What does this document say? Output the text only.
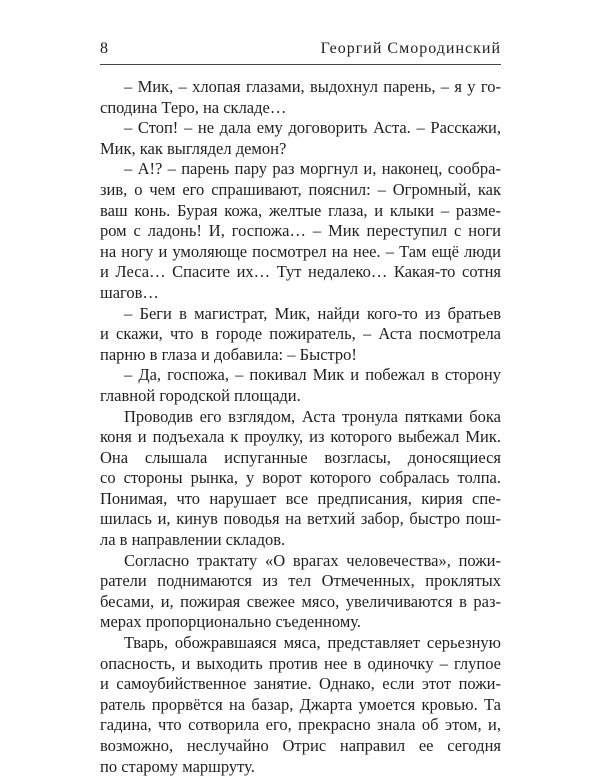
8	Георгий Смородинский
– Мик, – хлопая глазами, выдохнул парень, – я у го-
сподина Теро, на складе…
– Стоп! – не дала ему договорить Аста. – Расскажи,
Мик, как выглядел демон?
– А!? – парень пару раз моргнул и, наконец, сообра-
зив, о чем его спрашивают, пояснил: – Огромный, как
ваш конь. Бурая кожа, желтые глаза, и клыки – разме-
ром с ладонь! И, госпожа… – Мик переступил с ноги
на ногу и умоляюще посмотрел на нее. – Там ещё люди
и Леса… Спасите их… Тут недалеко… Какая-то сотня
шагов…
– Беги в магистрат, Мик, найди кого-то из братьев
и скажи, что в городе пожиратель, – Аста посмотрела
парню в глаза и добавила: – Быстро!
– Да, госпожа, – покивал Мик и побежал в сторону
главной городской площади.
Проводив его взглядом, Аста тронула пятками бока
коня и подъехала к проулку, из которого выбежал Мик.
Она слышала испуганные возгласы, доносящиеся
со стороны рынка, у ворот которого собралась толпа.
Понимая, что нарушает все предписания, кирия спе-
шилась и, кинув поводья на ветхий забор, быстро пош-
ла в направлении складов.
Согласно трактату «О врагах человечества», пожи-
ратели поднимаются из тел Отмеченных, проклятых
бесами, и, пожирая свежее мясо, увеличиваются в раз-
мерах пропорционально съеденному.
Тварь, обожравшаяся мяса, представляет серьезную
опасность, и выходить против нее в одиночку – глупое
и самоубийственное занятие. Однако, если этот пожи-
ратель прорвётся на базар, Джарта умоется кровью. Та
гадина, что сотворила его, прекрасно знала об этом, и,
возможно, неслучайно Отрис направил ее сегодня
по старому маршруту.
